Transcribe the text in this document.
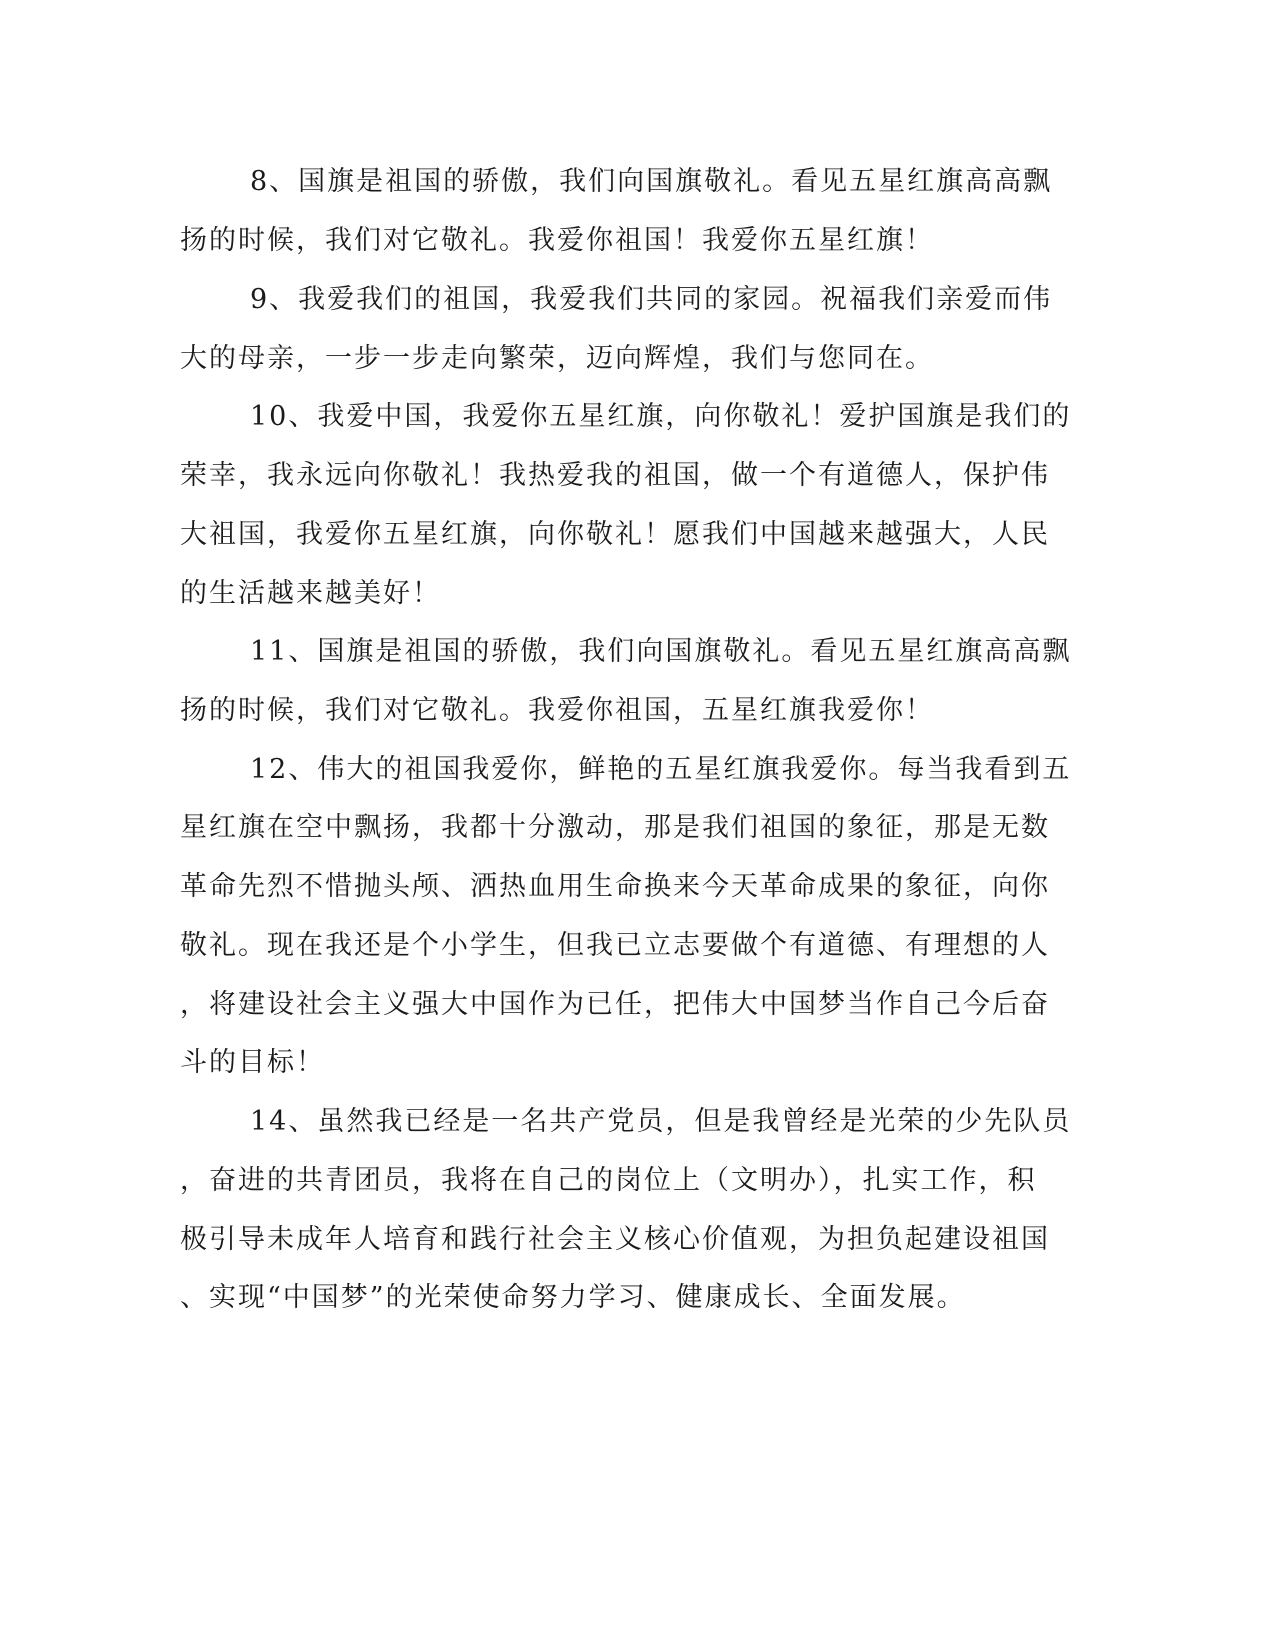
8、国旗是祖国的骄傲，我们向国旗敬礼。看见五星红旗高高飘

扬的时候，我们对它敬礼。我爱你祖国！我爱你五星红旗！

9、我爱我们的祖国，我爱我们共同的家园。祝福我们亲爱而伟

大的母亲，一步一步走向繁荣，迈向辉煌，我们与您同在。

10、我爱中国，我爱你五星红旗，向你敬礼！爱护国旗是我们的

荣幸，我永远向你敬礼！我热爱我的祖国，做一个有道德人，保护伟

大祖国，我爱你五星红旗，向你敬礼！愿我们中国越来越强大，人民

的生活越来越美好！

11、国旗是祖国的骄傲，我们向国旗敬礼。看见五星红旗高高飘

扬的时候，我们对它敬礼。我爱你祖国，五星红旗我爱你！

12、伟大的祖国我爱你，鲜艳的五星红旗我爱你。每当我看到五

星红旗在空中飘扬，我都十分激动，那是我们祖国的象征，那是无数

革命先烈不惜抛头颅、洒热血用生命换来今天革命成果的象征，向你

敬礼。现在我还是个小学生，但我已立志要做个有道德、有理想的人

，将建设社会主义强大中国作为已任，把伟大中国梦当作自己今后奋

斗的目标！

14、虽然我已经是一名共产党员，但是我曾经是光荣的少先队员

，奋进的共青团员，我将在自己的岗位上（文明办），扎实工作，积

极引导未成年人培育和践行社会主义核心价值观，为担负起建设祖国

、实现“中国梦”的光荣使命努力学习、健康成长、全面发展。
